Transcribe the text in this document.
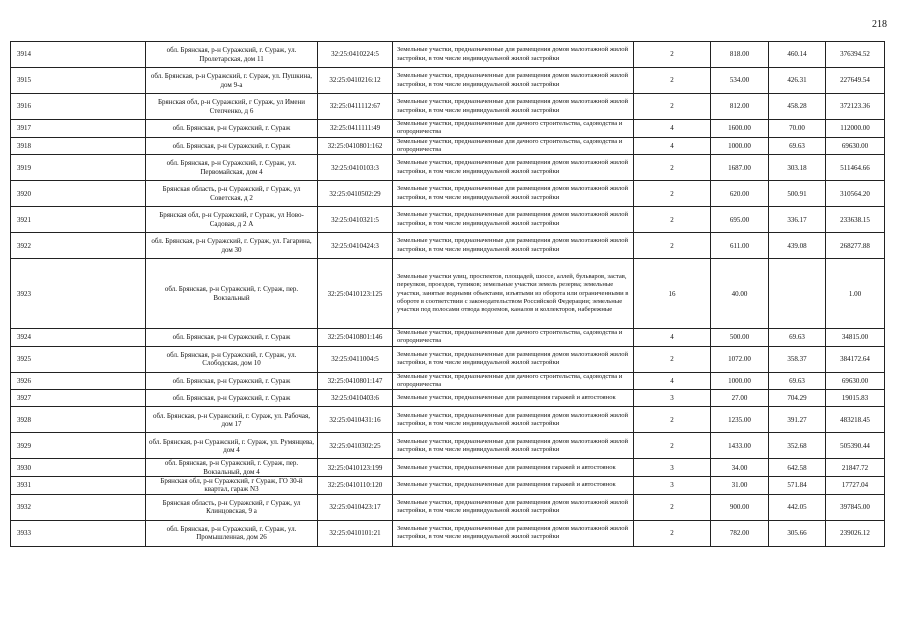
218
3914	обл. Брянская, р-н Суражский, г. Сураж, ул. Пролетарская, дом 11	32:25:0410224:5	Земельные участки, предназначенные для размещения домов малоэтажной жилой застройки, в том числе индивидуальной жилой застройки	2	818.00	460.14	376394.52
3915	обл. Брянская, р-н Суражский, г. Сураж, ул. Пушкина, дом 9-а	32:25:0410216:12	Земельные участки, предназначенные для размещения домов малоэтажной жилой застройки, в том числе индивидуальной жилой застройки	2	534.00	426.31	227649.54
3916	Брянская обл, р-н Суражский, г Сураж, ул Имени Степченко, д 6	32:25:0411112:67	Земельные участки, предназначенные для размещения домов малоэтажной жилой застройки, в том числе индивидуальной жилой застройки	2	812.00	458.28	372123.36
3917	обл. Брянская, р-н Суражский, г. Сураж	32:25:0411111:49	Земельные участки, предназначенные для дачного строительства, садоводства и огородничества	4	1600.00	70.00	112000.00
3918	обл. Брянская, р-н Суражский, г. Сураж	32:25:0410801:162	Земельные участки, предназначенные для дачного строительства, садоводства и огородничества	4	1000.00	69.63	69630.00
3919	обл. Брянская, р-н Суражский, г. Сураж, ул. Первомайская, дом 4	32:25:0410103:3	Земельные участки, предназначенные для размещения домов малоэтажной жилой застройки, в том числе индивидуальной жилой застройки	2	1687.00	303.18	511464.66
3920	Брянская область, р-н Суражский, г Сураж, ул Советская, д 2	32:25:0410502:29	Земельные участки, предназначенные для размещения домов малоэтажной жилой застройки, в том числе индивидуальной жилой застройки	2	620.00	500.91	310564.20
3921	Брянская обл, р-н Суражский, г Сураж, ул Ново-Садовая, д 2 А	32:25:0410321:5	Земельные участки, предназначенные для размещения домов малоэтажной жилой застройки, в том числе индивидуальной жилой застройки	2	695.00	336.17	233638.15
3922	обл. Брянская, р-н Суражский, г. Сураж, ул. Гагарина, дом 30	32:25:0410424:3	Земельные участки, предназначенные для размещения домов малоэтажной жилой застройки, в том числе индивидуальной жилой застройки	2	611.00	439.08	268277.88
3923	обл. Брянская, р-н Суражский, г. Сураж, пер. Вокзальный	32:25:0410123:125	Земельные участки улиц, проспектов, площадей, шоссе, аллей, бульваров, застав, переулков, проездов, тупиков; земельные участки земель резерва; земельные участки, занятые водными объектами, изъятыми из оборота или ограниченными в обороте в соответствии с законодательством Российской Федерации; земельные участки под полосами отвода водоемов, каналов и коллекторов, набережные	16	40.00		1.00
3924	обл. Брянская, р-н Суражский, г. Сураж	32:25:0410801:146	Земельные участки, предназначенные для дачного строительства, садоводства и огородничества	4	500.00	69.63	34815.00
3925	обл. Брянская, р-н Суражский, г. Сураж, ул. Слободская, дом 10	32:25:0411004:5	Земельные участки, предназначенные для размещения домов малоэтажной жилой застройки, в том числе индивидуальной жилой застройки	2	1072.00	358.37	384172.64
3926	обл. Брянская, р-н Суражский, г. Сураж	32:25:0410801:147	Земельные участки, предназначенные для дачного строительства, садоводства и огородничества	4	1000.00	69.63	69630.00
3927	обл. Брянская, р-н Суражский, г. Сураж	32:25:0410403:6	Земельные участки, предназначенные для размещения гаражей и автостоянок	3	27.00	704.29	19015.83
3928	обл. Брянская, р-н Суражский, г. Сураж, ул. Рабочая, дом 17	32:25:0410431:16	Земельные участки, предназначенные для размещения домов малоэтажной жилой застройки, в том числе индивидуальной жилой застройки	2	1235.00	391.27	483218.45
3929	обл. Брянская, р-н Суражский, г. Сураж, ул. Румянцева, дом 4	32:25:0410302:25	Земельные участки, предназначенные для размещения домов малоэтажной жилой застройки, в том числе индивидуальной жилой застройки	2	1433.00	352.68	505390.44
3930	обл. Брянская, р-н Суражский, г. Сураж, пер. Вокзальный, дом 4	32:25:0410123:199	Земельные участки, предназначенные для размещения гаражей и автостоянок	3	34.00	642.58	21847.72
3931	Брянская обл, р-н Суражский, г Сураж, ГО 30-й квартал, гараж N3	32:25:0410110:120	Земельные участки, предназначенные для размещения гаражей и автостоянок	3	31.00	571.84	17727.04
3932	Брянская область, р-н Суражский, г Сураж, ул Клинцовская, 9 а	32:25:0410423:17	Земельные участки, предназначенные для размещения домов малоэтажной жилой застройки, в том числе индивидуальной жилой застройки	2	900.00	442.05	397845.00
3933	обл. Брянская, р-н Суражский, г. Сураж, ул. Промышленная, дом 26	32:25:0410101:21	Земельные участки, предназначенные для размещения домов малоэтажной жилой застройки, в том числе индивидуальной жилой застройки	2	782.00	305.66	239026.12
